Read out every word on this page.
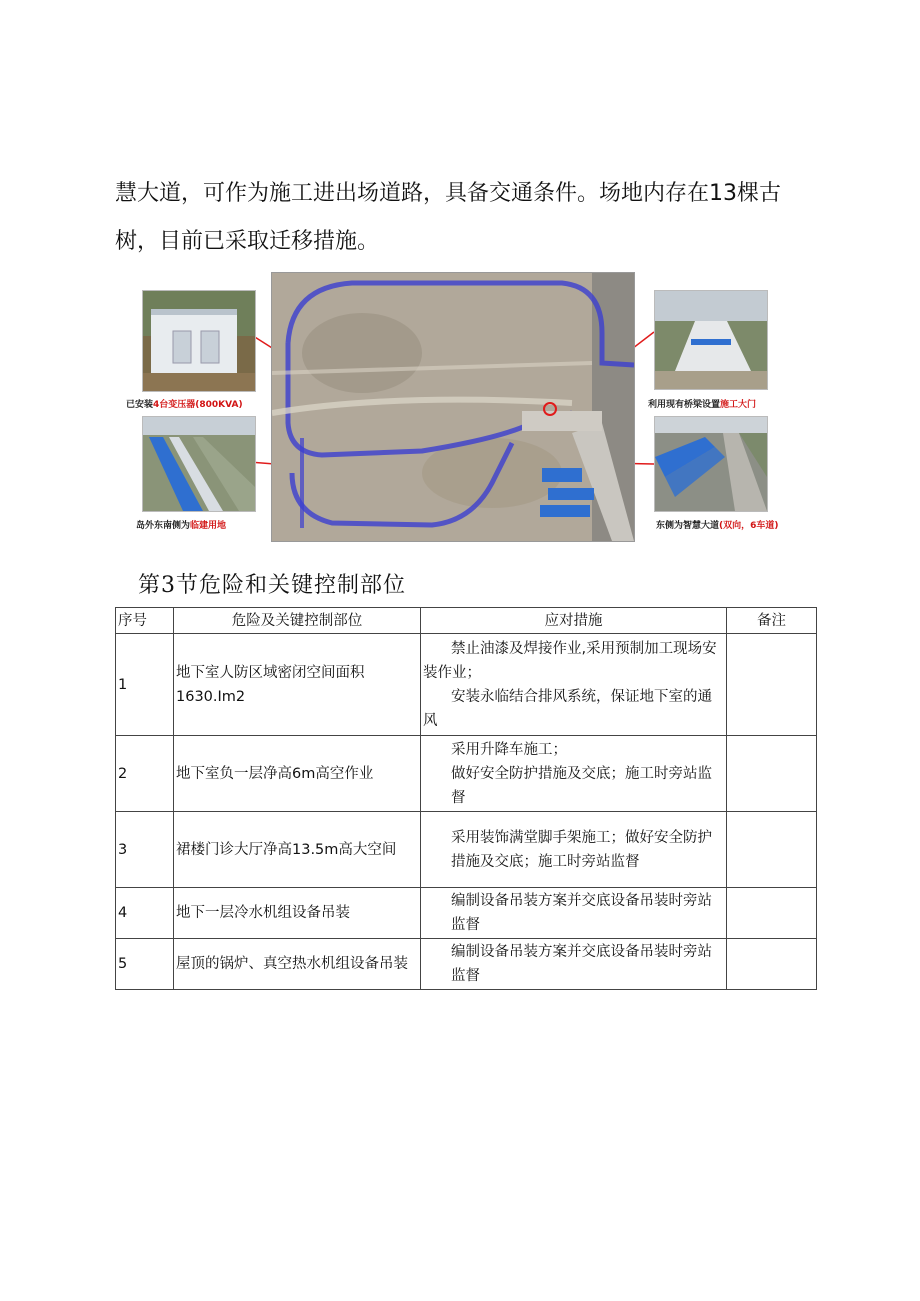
慧大道，可作为施工进出场道路，具备交通条件。场地内存在13棵古
树，目前已采取迁移措施。

已安装4台变压器(800KVA)
岛外东南侧为临建用地
利用现有桥梁设置施工大门
东侧为智慧大道(双向，6车道)
第3节危险和关键控制部位
序号	危险及关键控制部位	应对措施	备注
1	地下室人防区域密闭空间面积1630.Im2	禁止油漆及焊接作业,采用预制加工现场安装作业；
安装永临结合排风系统，保证地下室的通风	

2	地下室负一层净高6m高空作业	采用升降车施工；
做好安全防护措施及交底；施工时旁站监督	

3	裙楼门诊大厅净高13.5m高大空间	采用装饰满堂脚手架施工；做好安全防护措施及交底；施工时旁站监督	

4	地下一层冷水机组设备吊装	编制设备吊装方案并交底设备吊装时旁站监督	

5	屋顶的锅炉、真空热水机组设备吊装	编制设备吊装方案并交底设备吊装时旁站监督	
